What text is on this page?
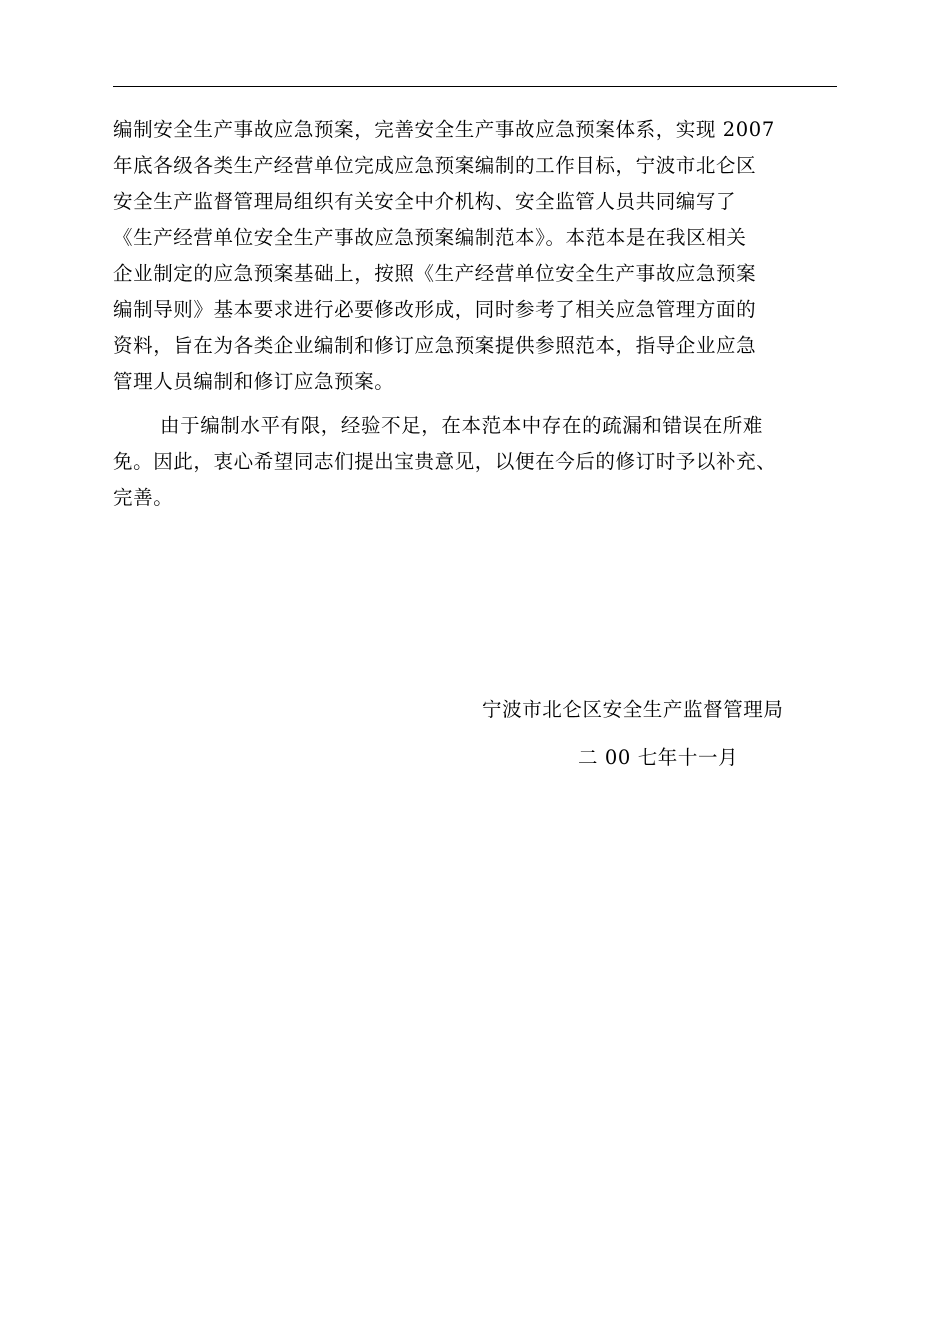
编制安全生产事故应急预案，完善安全生产事故应急预案体系，实现 2007
年底各级各类生产经营单位完成应急预案编制的工作目标，宁波市北仑区
安全生产监督管理局组织有关安全中介机构、安全监管人员共同编写了
《生产经营单位安全生产事故应急预案编制范本》。本范本是在我区相关
企业制定的应急预案基础上，按照《生产经营单位安全生产事故应急预案
编制导则》基本要求进行必要修改形成，同时参考了相关应急管理方面的
资料，旨在为各类企业编制和修订应急预案提供参照范本，指导企业应急
管理人员编制和修订应急预案。

由于编制水平有限，经验不足，在本范本中存在的疏漏和错误在所难
免。因此，衷心希望同志们提出宝贵意见，以便在今后的修订时予以补充、
完善。

宁波市北仑区安全生产监督管理局
二 00 七年十一月
